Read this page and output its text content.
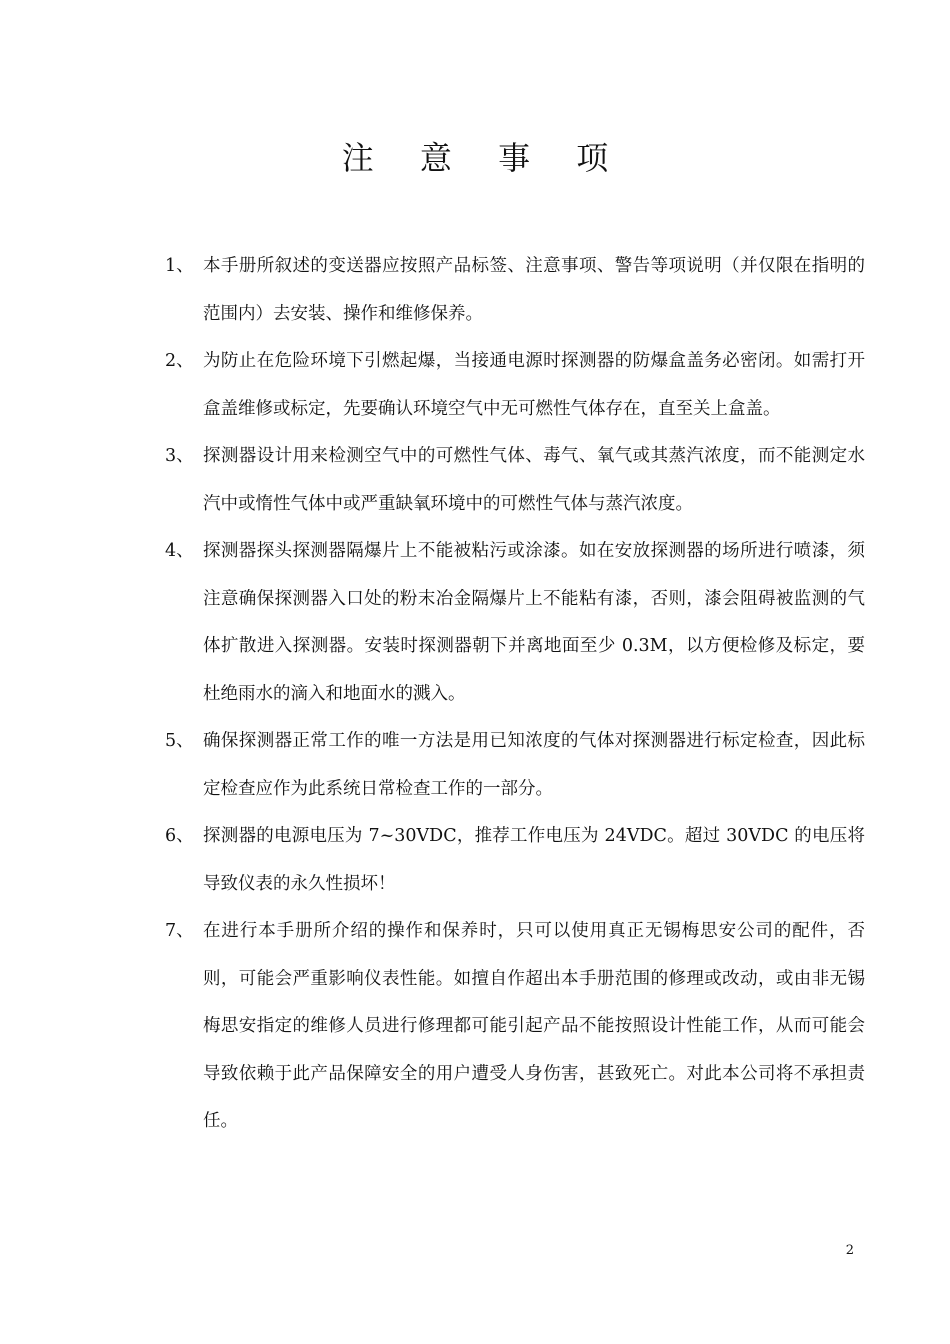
注 意 事 项
1、 本手册所叙述的变送器应按照产品标签、注意事项、警告等项说明（并仅限在指明的范围内）去安装、操作和维修保养。
2、 为防止在危险环境下引燃起爆，当接通电源时探测器的防爆盒盖务必密闭。如需打开盒盖维修或标定，先要确认环境空气中无可燃性气体存在，直至关上盒盖。
3、 探测器设计用来检测空气中的可燃性气体、毒气、氧气或其蒸汽浓度，而不能测定水汽中或惰性气体中或严重缺氧环境中的可燃性气体与蒸汽浓度。
4、 探测器探头探测器隔爆片上不能被粘污或涂漆。如在安放探测器的场所进行喷漆，须注意确保探测器入口处的粉末冶金隔爆片上不能粘有漆，否则，漆会阻碍被监测的气体扩散进入探测器。安装时探测器朝下并离地面至少 0.3M，以方便检修及标定，要杜绝雨水的滴入和地面水的溅入。
5、 确保探测器正常工作的唯一方法是用已知浓度的气体对探测器进行标定检查，因此标定检查应作为此系统日常检查工作的一部分。
6、 探测器的电源电压为 7~30VDC，推荐工作电压为 24VDC。超过 30VDC 的电压将导致仪表的永久性损坏！
7、 在进行本手册所介绍的操作和保养时，只可以使用真正无锡梅思安公司的配件，否则，可能会严重影响仪表性能。如擅自作超出本手册范围的修理或改动，或由非无锡梅思安指定的维修人员进行修理都可能引起产品不能按照设计性能工作，从而可能会导致依赖于此产品保障安全的用户遭受人身伤害，甚致死亡。对此本公司将不承担责任。
2
